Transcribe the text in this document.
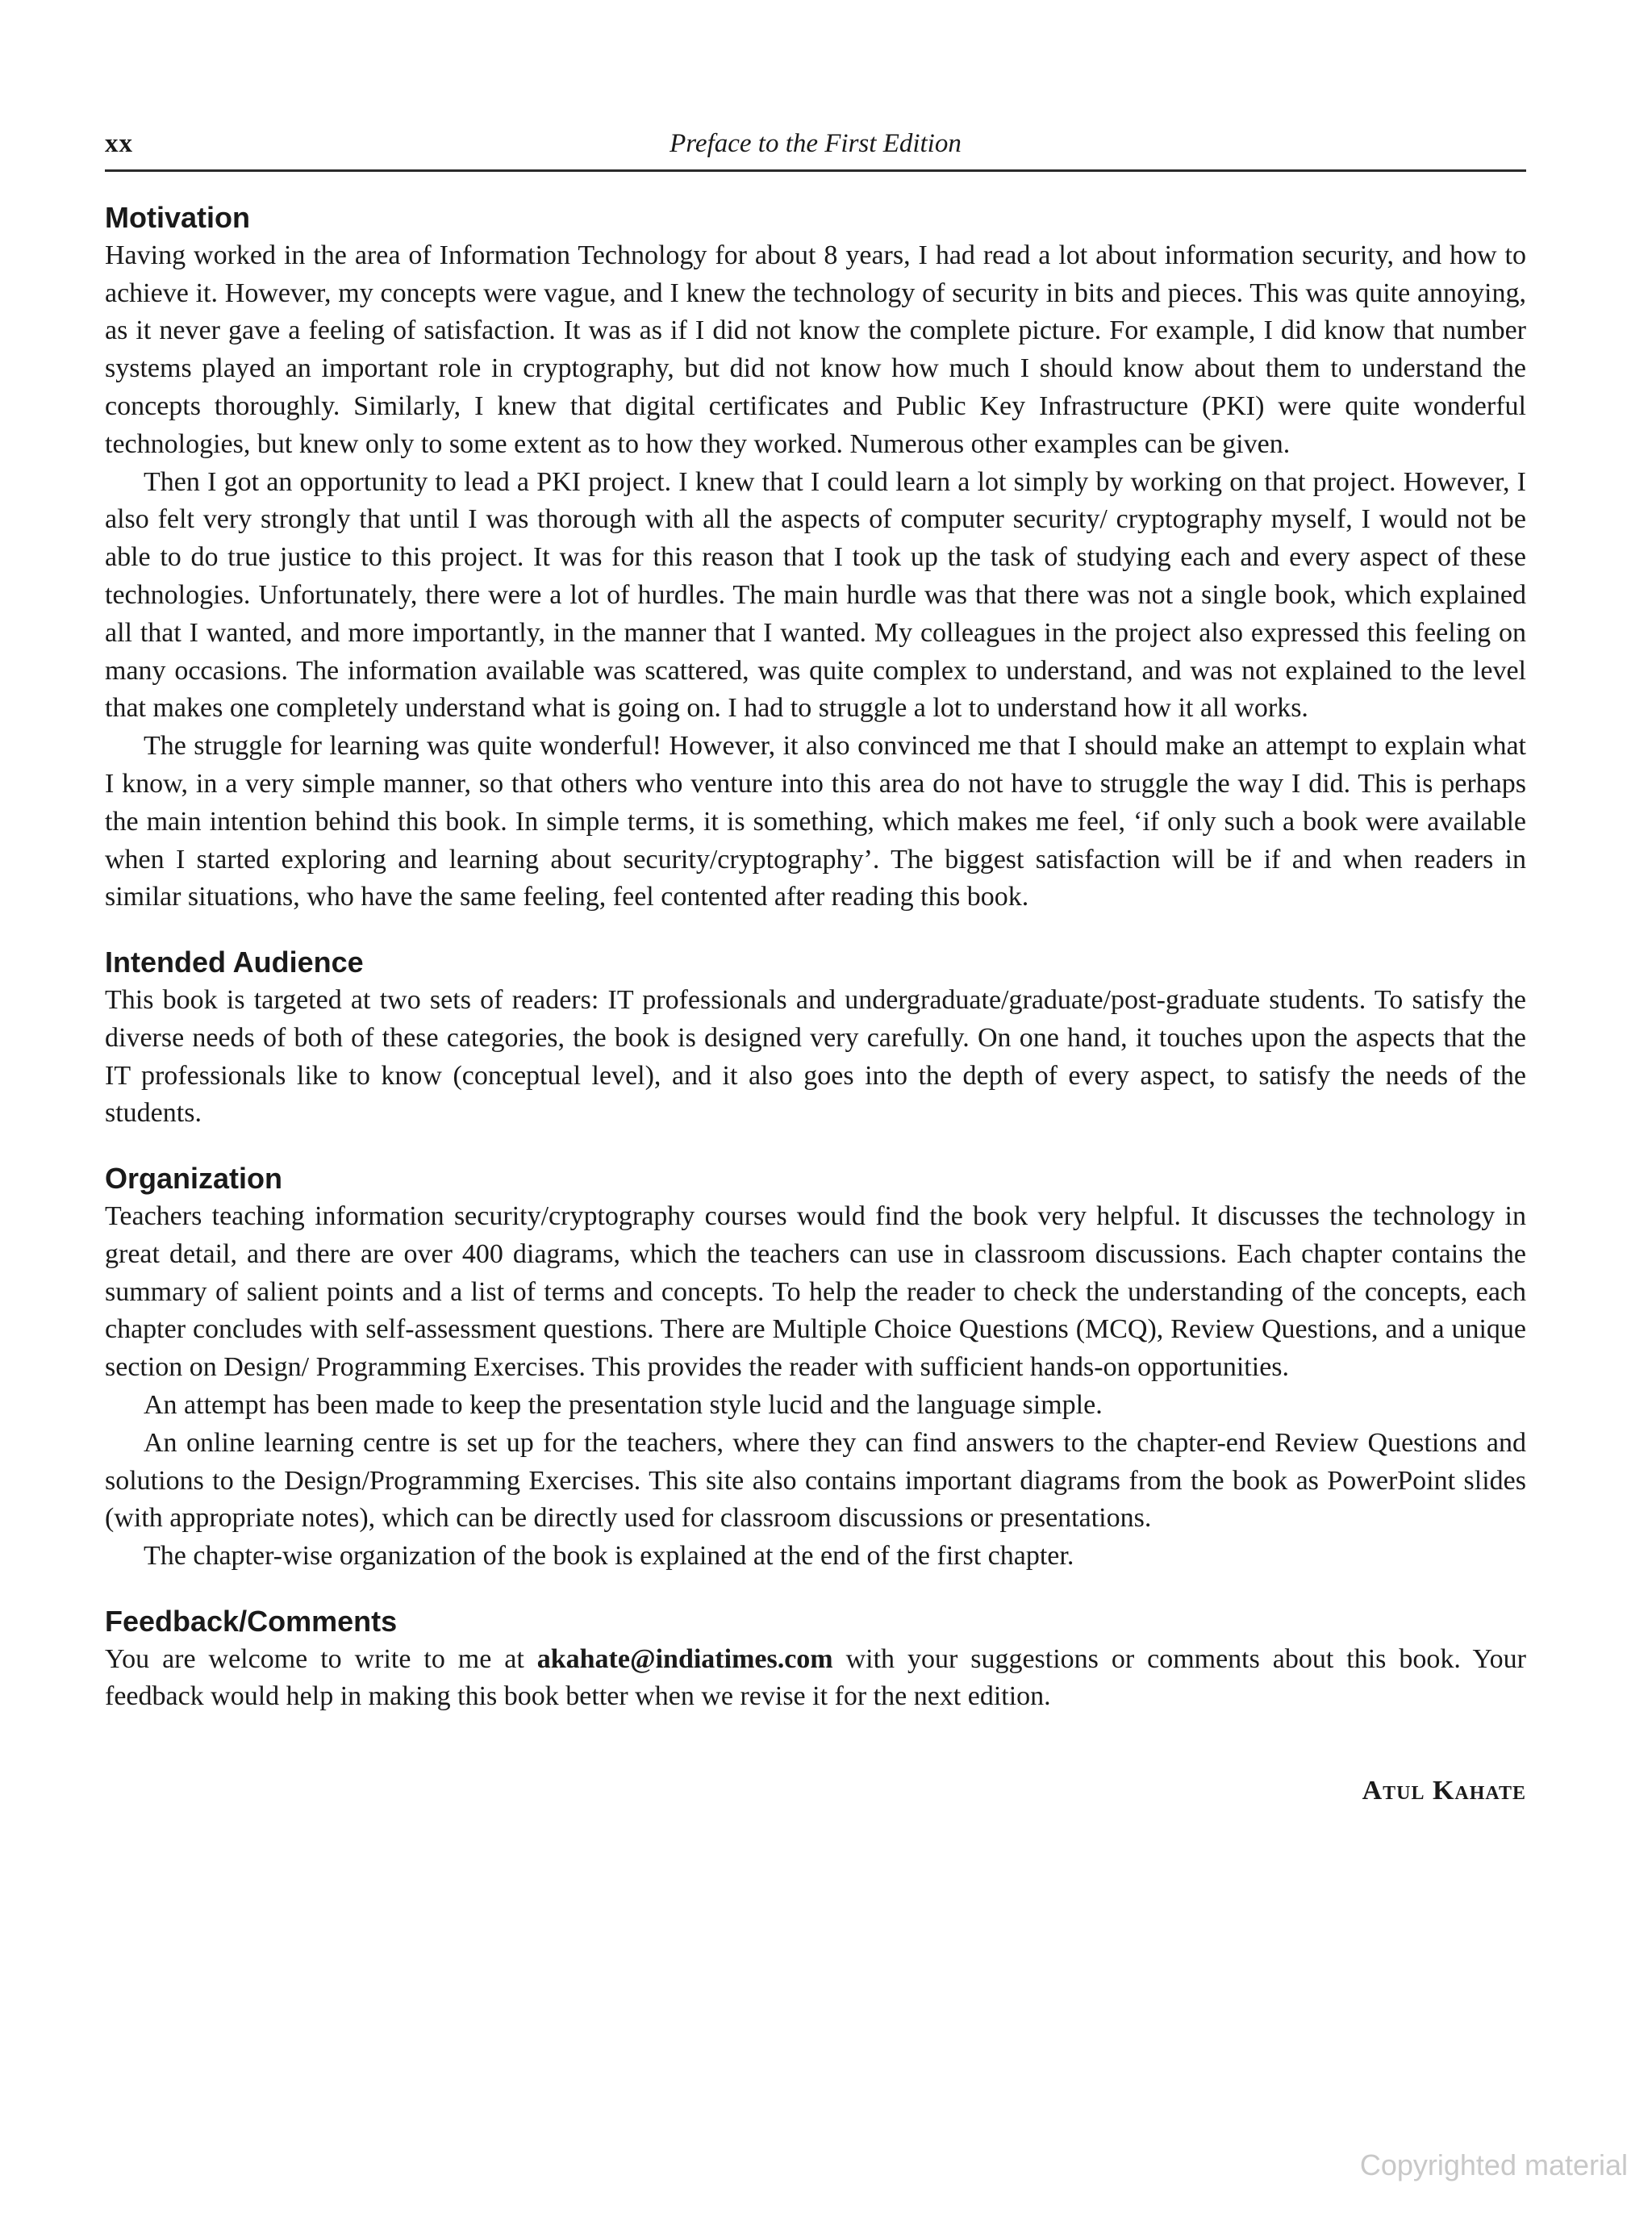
xx	Preface to the First Edition
Motivation

Having worked in the area of Information Technology for about 8 years, I had read a lot about information security, and how to achieve it. However, my concepts were vague, and I knew the technology of security in bits and pieces. This was quite annoying, as it never gave a feeling of satisfaction. It was as if I did not know the complete picture. For example, I did know that number systems played an important role in cryptography, but did not know how much I should know about them to understand the concepts thoroughly. Similarly, I knew that digital certificates and Public Key Infrastructure (PKI) were quite wonderful technologies, but knew only to some extent as to how they worked. Numerous other examples can be given.

Then I got an opportunity to lead a PKI project. I knew that I could learn a lot simply by working on that project. However, I also felt very strongly that until I was thorough with all the aspects of computer security/ cryptography myself, I would not be able to do true justice to this project. It was for this reason that I took up the task of studying each and every aspect of these technologies. Unfortunately, there were a lot of hurdles. The main hurdle was that there was not a single book, which explained all that I wanted, and more importantly, in the manner that I wanted. My colleagues in the project also expressed this feeling on many occasions. The information available was scattered, was quite complex to understand, and was not explained to the level that makes one completely understand what is going on. I had to struggle a lot to understand how it all works.

The struggle for learning was quite wonderful! However, it also convinced me that I should make an attempt to explain what I know, in a very simple manner, so that others who venture into this area do not have to struggle the way I did. This is perhaps the main intention behind this book. In simple terms, it is something, which makes me feel, ‘if only such a book were available when I started exploring and learning about security/cryptography’. The biggest satisfaction will be if and when readers in similar situations, who have the same feeling, feel contented after reading this book.

Intended Audience

This book is targeted at two sets of readers: IT professionals and undergraduate/graduate/post-graduate students. To satisfy the diverse needs of both of these categories, the book is designed very carefully. On one hand, it touches upon the aspects that the IT professionals like to know (conceptual level), and it also goes into the depth of every aspect, to satisfy the needs of the students.

Organization

Teachers teaching information security/cryptography courses would find the book very helpful. It discusses the technology in great detail, and there are over 400 diagrams, which the teachers can use in classroom discussions. Each chapter contains the summary of salient points and a list of terms and concepts. To help the reader to check the understanding of the concepts, each chapter concludes with self-assessment questions. There are Multiple Choice Questions (MCQ), Review Questions, and a unique section on Design/ Programming Exercises. This provides the reader with sufficient hands-on opportunities.

An attempt has been made to keep the presentation style lucid and the language simple.

An online learning centre is set up for the teachers, where they can find answers to the chapter-end Review Questions and solutions to the Design/Programming Exercises. This site also contains important diagrams from the book as PowerPoint slides (with appropriate notes), which can be directly used for classroom discussions or presentations.

The chapter-wise organization of the book is explained at the end of the first chapter.

Feedback/Comments

You are welcome to write to me at akahate@indiatimes.com with your suggestions or comments about this book. Your feedback would help in making this book better when we revise it for the next edition.

Atul Kahate
Copyrighted material
